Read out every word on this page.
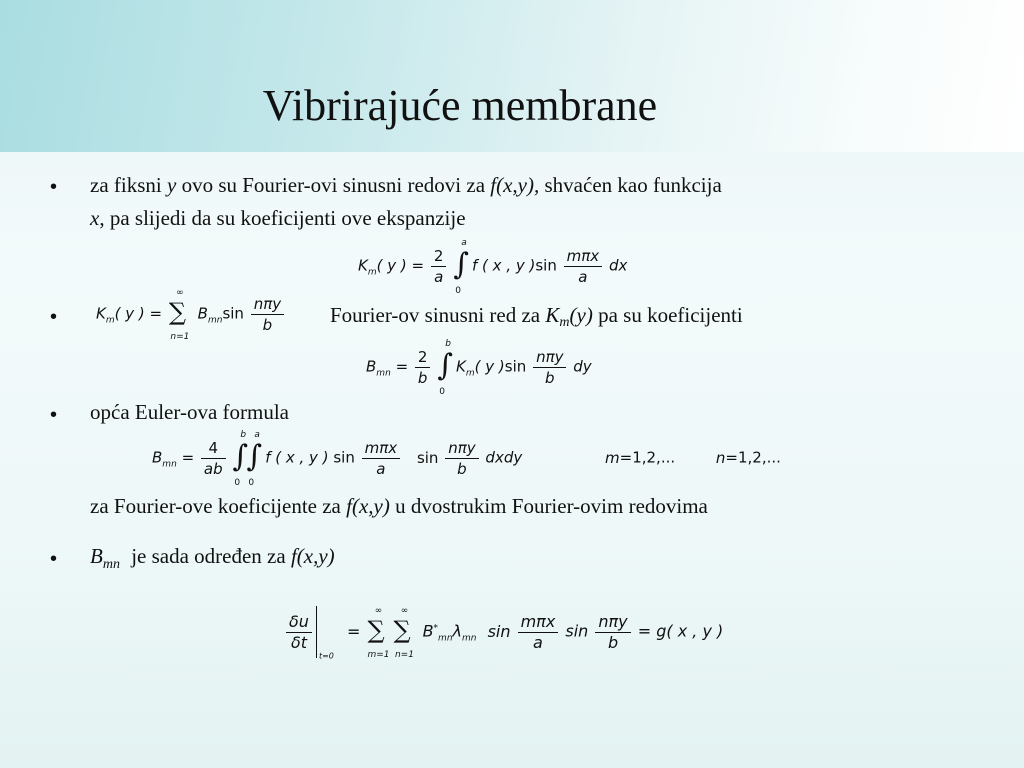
Vibrirajuće membrane
• za fiksni y ovo su Fourier-ovi sinusni redovi za f(x,y), shvaćen kao funkcija
x, pa slijedi da su koeficijenti ove ekspanzije
$K_m$( y ) = $\frac{2}{a}$
∫
a
0
f ( x , y )$\sin \frac{\text{mπx}}{a}$ dx
•	$K_m$( y ) =
∞
∑
n=1
$B_{mn}\sin \frac{\text{nπy}}{b}$ Fourier-ov sinusni red za Km(y) pa su koeficijenti
$B_{mn} = \frac{2}{b}$
∫
b
0
$K_m$( y )$\sin \frac{\text{nπy}}{b}$ dy
• opća Euler-ova formula
$B_{mn} = \frac{4}{ab}$
∫
b
0
∫
a
0
f ( x , y ) $\sin \frac{\text{mπx}}{a}$ $\sin \frac{\text{nπy}}{b}$ dxdy	m=1,2,...	n=1,2,...
za Fourier-ove koeficijente za f(x,y) u dvostrukim Fourier-ovim redovima
• $B_{mn}$ je sada određen za f(x,y)
$\frac{\delta u}{\delta t}$
$_{t=0}$ =
∞
∑
m=1
∞
∑
n=1
$B^*_{mn}\lambda_{mn}$ $\sin \frac{\text{mπx}}{a}$ $\sin \frac{\text{nπy}}{b} = g$( x , y )
